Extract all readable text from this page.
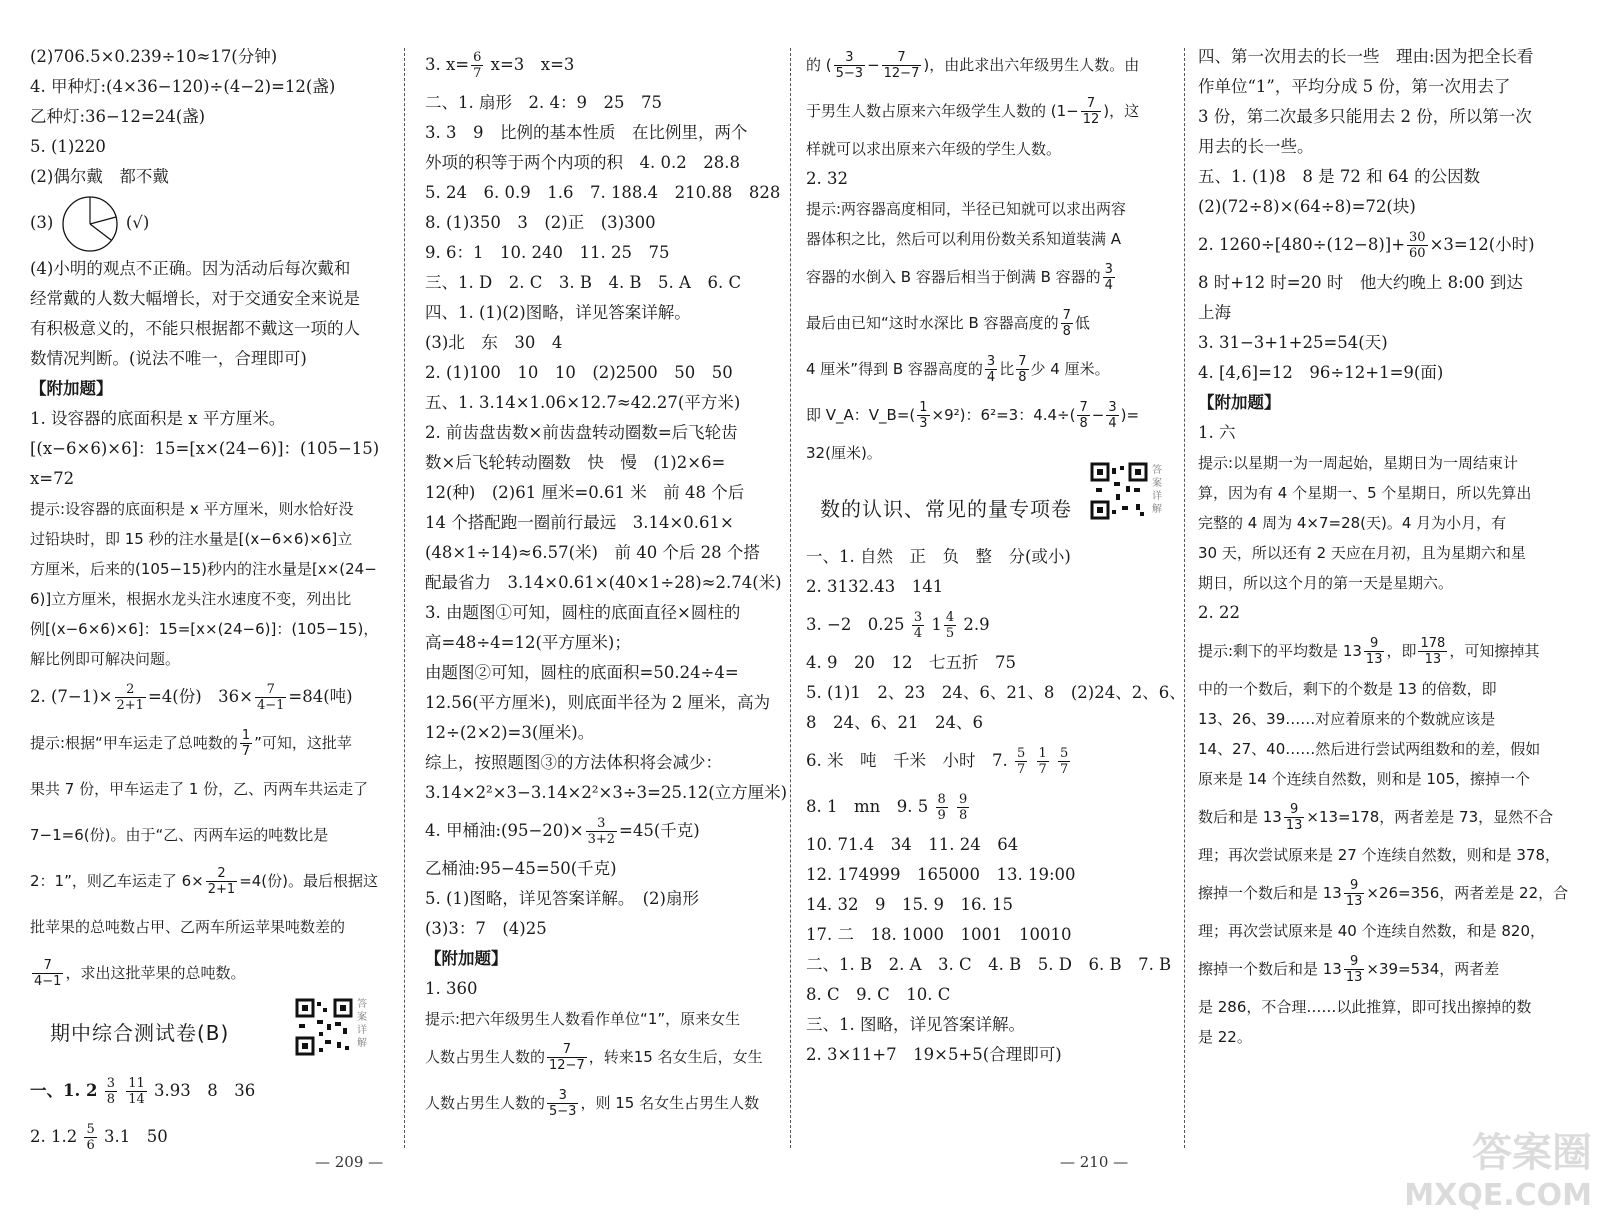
(2)706.5×0.239÷10≈17(分钟)
4. 甲种灯:(4×36−120)÷(4−2)=12(盏)
乙种灯:36−12=24(盏)
5. (1)220
(2)偶尔戴　都不戴
(3)	(√)
(4)小明的观点不正确。因为活动后每次戴和
经常戴的人数大幅增长，对于交通安全来说是
有积极意义的，不能只根据都不戴这一项的人
数情况判断。(说法不唯一，合理即可)
【附加题】
1. 设容器的底面积是 x 平方厘米。
[(x−6×6)×6]：15=[x×(24−6)]：(105−15)
x=72
提示:设容器的底面积是 x 平方厘米，则水恰好没
过铅块时，即 15 秒的注水量是[(x−6×6)×6]立
方厘米，后来的(105−15)秒内的注水量是[x×(24−
6)]立方厘米，根据水龙头注水速度不变，列出比
例[(x−6×6)×6]：15=[x×(24−6)]：(105−15)，
解比例即可解决问题。
2. $(7-1)\times \frac{2}{2+1} =4$(份)　$36\times \frac{7}{4-1} =84$(吨)
提示:根据“甲车运走了总吨数的 $\frac{1}{7}$ ”可知，这批苹
果共 7 份，甲车运走了 1 份，乙、丙两车共运走了
7−1=6(份)。由于“乙、丙两车运的吨数比是
2：1”，则乙车运走了 $6\times \frac{2}{2+1} =4$(份)。最后根据这
批苹果的总吨数占甲、乙两车所运苹果吨数差的
$\frac{7}{4-1}$ ，求出这批苹果的总吨数。
期中综合测试卷(B)
答案详解
一、1. $2 \frac{3}{8}$
$\frac{11}{14} 3.93$　8　36
2. $1.2 \frac{5}{6} 3.1$　50
3. $x= \frac{6}{7} x=3$　x=3
二、1. 扇形　2. 4：9　25　75
3. 3　9　比例的基本性质　在比例里，两个
外项的积等于两个内项的积　4. 0.2　28.8
5. 24　6. 0.9　1.6　7. 188.4　210.88　828
8. (1)350　3　(2)正　(3)300
9. 6：1　10. 240　11. 25　75
三、1. D　2. C　3. B　4. B　5. A　6. C
四、1. (1)(2)图略，详见答案详解。
(3)北　东　30　4
2. (1)100　10　10　(2)2500　50　50
五、1. 3.14×1.06×12.7≈42.27(平方米)
2. 前齿盘齿数×前齿盘转动圈数=后飞轮齿
数×后飞轮转动圈数　快　慢　(1)2×6=
12(种)　(2)61 厘米=0.61 米　前 48 个后
14 个搭配跑一圈前行最远　3.14×0.61×
(48×1÷14)≈6.57(米)　前 40 个后 28 个搭
配最省力　3.14×0.61×(40×1÷28)≈2.74(米)
3. 由题图①可知，圆柱的底面直径×圆柱的
高=48÷4=12(平方厘米)；
由题图②可知，圆柱的底面积=50.24÷4=
12.56(平方厘米)，则底面半径为 2 厘米，高为
12÷(2×2)=3(厘米)。
综上，按照题图③的方法体积将会减少：
3.14×2²×3−3.14×2²×3÷3=25.12(立方厘米)
4. 甲桶油:(95−20)× $\frac{3}{3+2} =45$(千克)
乙桶油:95−45=50(千克)
5. (1)图略，详见答案详解。　(2)扇形
(3)3：7　(4)25
【附加题】
1. 360
提示:把六年级男生人数看作单位“1”，原来女生
人数占男生人数的 $\frac{7}{12-7}$ ，转来15 名女生后，女生
人数占男生人数的 $\frac{3}{5-3}$ ，则 15 名女生占男生人数
的 ( $\frac{3}{5-3} - \frac{7}{12-7}$ )，由此求出六年级男生人数。由
于男生人数占原来六年级学生人数的 ($1- \frac{7}{12}$ )，这
样就可以求出原来六年级的学生人数。
2. 32
提示:两容器高度相同，半径已知就可以求出两容
器体积之比，然后可以利用份数关系知道装满 A
容器的水倒入 B 容器后相当于倒满 B 容器的 $\frac{3}{4}$
最后由已知“这时水深比 B 容器高度的 $\frac{7}{8}$ 低
4 厘米”得到 B 容器高度的 $\frac{3}{4}$ 比 $\frac{7}{8}$ 少 4 厘米。
即 V_A：V_B=( $\frac{1}{3} \times 9^2$)：6²=3：$4.4\div( \frac{7}{8} - \frac{3}{4}$ )=
32(厘米)。
数的认识、常见的量专项卷
答案详解
一、1. 自然　正　负　整　分(或小)
2. 3132.43　141
3. −2　$0.25 \frac{3}{4} 1 \frac{4}{5} 2.9$
4. 9　20　12　七五折　75
5. (1)1　2、23　24、6、21、8　(2)24、2、6、
8　24、6、21　24、6
6. 米　吨　千米　小时　7. $\frac{5}{7}$
$\frac{1}{7}$
$\frac{5}{7}$
8. 1　mn　9. $5 \frac{8}{9}$
$\frac{9}{8}$
10. 71.4　34　11. 24　64
12. 174999　165000　13. 19:00
14. 32　9　15. 9　16. 15
17. 二　18. 1000　1001　10010
二、1. B　2. A　3. C　4. B　5. D　6. B　7. B
8. C　9. C　10. C
三、1. 图略，详见答案详解。
2. 3×11+7　19×5+5(合理即可)
四、第一次用去的长一些　理由:因为把全长看
作单位“1”，平均分成 5 份，第一次用去了
3 份，第二次最多只能用去 2 份，所以第一次
用去的长一些。
五、1. (1)8　8 是 72 和 64 的公因数
(2)(72÷8)×(64÷8)=72(块)
2. $1260\div[480\div(12-8)]+ \frac{30}{60} \times 3=12$(小时)
8 时+12 时=20 时　他大约晚上 8:00 到达
上海
3. 31−3+1+25=54(天)
4. [4,6]=12　96÷12+1=9(面)
【附加题】
1. 六
提示:以星期一为一周起始，星期日为一周结束计
算，因为有 4 个星期一、5 个星期日，所以先算出
完整的 4 周为 4×7=28(天)。4 月为小月，有
30 天，所以还有 2 天应在月初，且为星期六和星
期日，所以这个月的第一天是星期六。
2. 22
提示:剩下的平均数是 $13 \frac{9}{13}$ ，即 $\frac{178}{13}$ ，可知擦掉其
中的一个数后，剩下的个数是 13 的倍数，即
13、26、39……对应着原来的个数就应该是
14、27、40……然后进行尝试两组数和的差，假如
原来是 14 个连续自然数，则和是 105，擦掉一个
数后和是 $13 \frac{9}{13} \times 13=178$，两者差是 73，显然不合
理；再次尝试原来是 27 个连续自然数，则和是 378，
擦掉一个数后和是 $13 \frac{9}{13} \times 26=356$，两者差是 22，合
理；再次尝试原来是 40 个连续自然数，和是 820，
擦掉一个数后和是 $13 \frac{9}{13} \times 39=534$，两者差
是 286，不合理……以此推算，即可找出擦掉的数
是 22。
— 209 —	— 210 —	答案圈
MXQE.COM
